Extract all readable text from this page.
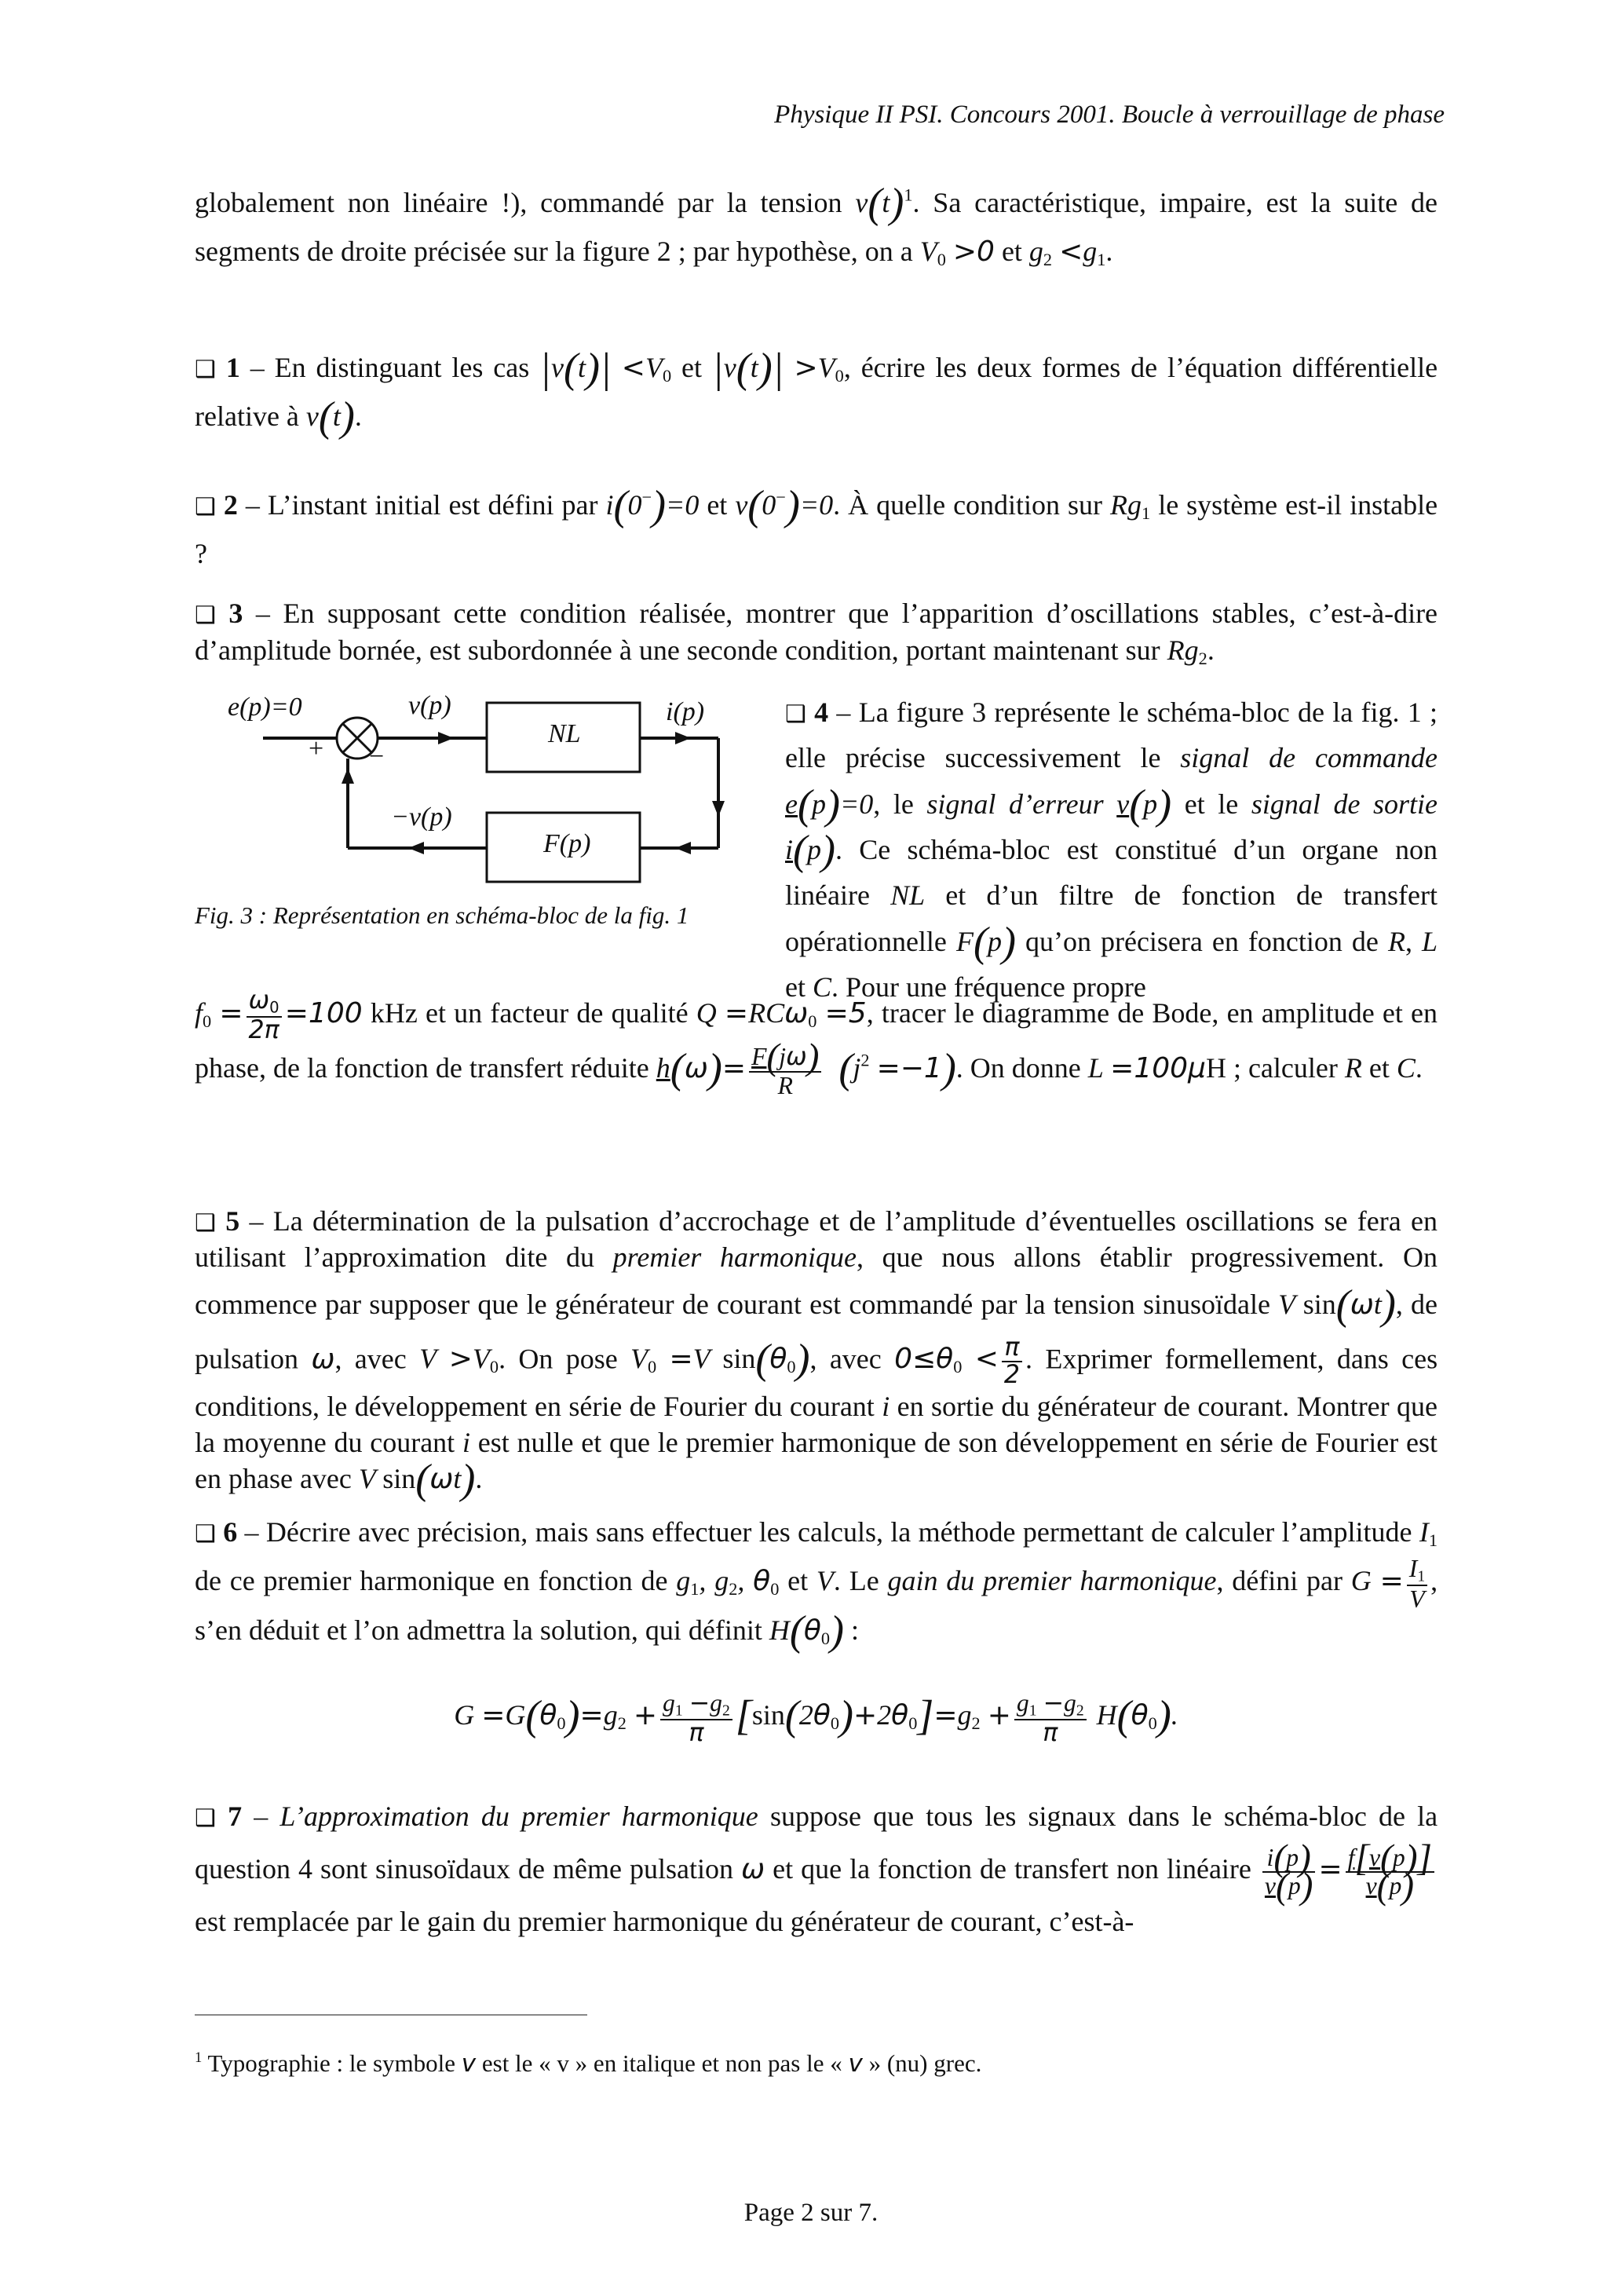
Physique II PSI. Concours 2001. Boucle à verrouillage de phase
globalement non linéaire !), commandé par la tension $v(t)^1$. Sa caractéristique, impaire, est la suite de segments de droite précisée sur la figure 2 ; par hypothèse, on a $V_0 >0$ et $g_2 <g_1$.
❑ 1 – En distinguant les cas $|v(t)| <V_0$ et $|v(t)| >V_0$, écrire les deux formes de l’équation différentielle relative à v(t).
❑ 2 – L’instant initial est défini par i(0−)=0 et v(0−)=0. À quelle condition sur $Rg_1$ le système est-il instable ?
❑ 3 – En supposant cette condition réalisée, montrer que l’apparition d’oscillations stables, c’est-à-dire d’amplitude bornée, est subordonnée à une seconde condition, portant maintenant sur $Rg_2$.
e(p)=0
+ −
v(p)
NL
i(p)
−v(p)
F(p)
Fig. 3 : Représentation en schéma-bloc de la fig. 1
❑ 4 – La figure 3 représente le schéma-bloc de la fig. 1 ; elle précise successivement le signal de commande e(p)=0, le signal d’erreur v(p) et le signal de sortie i(p). Ce schéma-bloc est constitué d’un organe non linéaire NL et d’un filtre de fonction de transfert opérationnelle F(p) qu’on précisera en fonction de R, L et C. Pour une fréquence propre
$f_0 = \frac{\omega_0}{2\pi} =100$ kHz et un facteur de qualité Q =RCω$_0$ =5, tracer le diagramme de Bode, en amplitude et en phase, de la fonction de transfert réduite $h(\omega)= \frac{F(j\omega)}{R} (j^2 =-1)$. On donne L =100μH ; calculer R et C.
❑ 5 – La détermination de la pulsation d’accrochage et de l’amplitude d’éventuelles oscillations se fera en utilisant l’approximation dite du premier harmonique, que nous allons établir progressivement. On commence par supposer que le générateur de courant est commandé par la tension sinusoïdale V sin(ωt), de pulsation ω, avec $V >V_0$. On pose $V_0 =V$ $\sin(\theta_0)$, avec $0\le\theta_0 < \frac{\pi}{2}$ . Exprimer formellement, dans ces conditions, le développement en série de Fourier du courant i en sortie du générateur de courant. Montrer que la moyenne du courant i est nulle et que le premier harmonique de son développement en série de Fourier est en phase avec V sin(ωt).
❑ 6 – Décrire avec précision, mais sans effectuer les calculs, la méthode permettant de calculer l’amplitude $I_1$ de ce premier harmonique en fonction de $g_1$, $g_2$, $\theta_0$ et V. Le gain du premier harmonique, défini par $G = \frac{I_1}{V}$ , s’en déduit et l’on admettra la solution, qui définit $H(\theta_0)$ :
$G =G(\theta_0)=g_2 + \frac{g_1 -g_2}{\pi} [\sin(2\theta_0)+2\theta_0]=g_2 + \frac{g_1 -g_2}{\pi} H(\theta_0)$.
❑ 7 – L’approximation du premier harmonique suppose que tous les signaux dans le schéma-bloc de la question 4 sont sinusoïdaux de même pulsation ω et que la fonction de transfert non linéaire $\frac{i(p)}{v(p)} = \frac{f[v(p)]}{v(p)}$
est remplacée par le gain du premier harmonique du générateur de courant, c’est-à-
$^1$ Typographie : le symbole v est le « v » en italique et non pas le « v » (nu) grec.
Page 2 sur 7.
